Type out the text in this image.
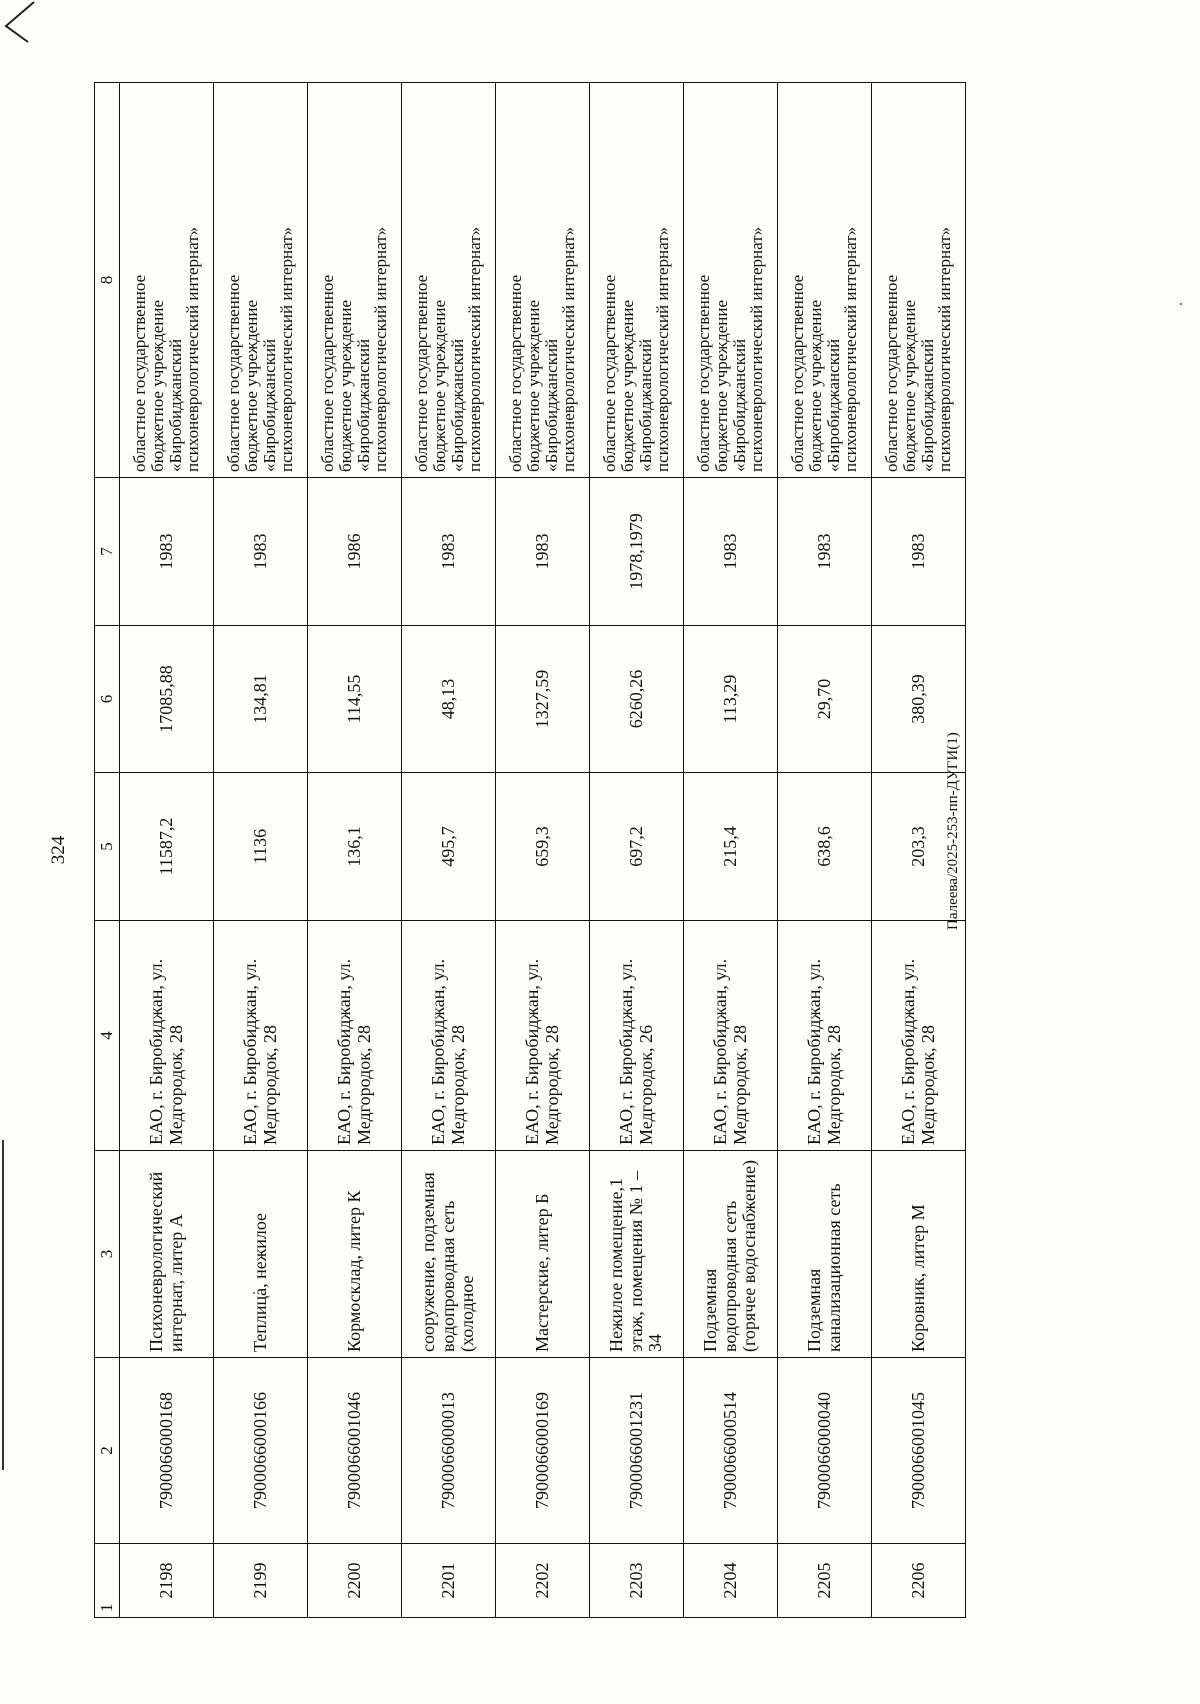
324
1	2	3	4	5	6	7	8
2198	7900066000168	Психоневрологический интернат, литер А	ЕАО, г. Биробиджан, ул. Медгородок, 28	11587,2	17085,88	1983	областное государственное
бюджетное учреждение
«Биробиджанский
психоневрологический интернат»

2199	7900066000166	Теплица, нежилое	ЕАО, г. Биробиджан, ул. Медгородок, 28	1136	134,81	1983	областное государственное
бюджетное учреждение
«Биробиджанский
психоневрологический интернат»

2200	7900066001046	Кормосклад, литер К	ЕАО, г. Биробиджан, ул. Медгородок, 28	136,1	114,55	1986	областное государственное
бюджетное учреждение
«Биробиджанский
психоневрологический интернат»

2201	7900066000013	сооружение, подземная водопроводная сеть (холодное	ЕАО, г. Биробиджан, ул. Медгородок, 28	495,7	48,13	1983	областное государственное
бюджетное учреждение
«Биробиджанский
психоневрологический интернат»

2202	7900066000169	Мастерские, литер Б	ЕАО, г. Биробиджан, ул. Медгородок, 28	659,3	1327,59	1983	областное государственное
бюджетное учреждение
«Биробиджанский
психоневрологический интернат»

2203	7900066001231	Нежилое помещение,1 этаж, помещения № 1 – 34	ЕАО, г. Биробиджан, ул. Медгородок, 26	697,2	6260,26	1978,1979	областное государственное
бюджетное учреждение
«Биробиджанский
психоневрологический интернат»

2204	7900066000514	Подземная водопроводная сеть (горячее водоснабжение)	ЕАО, г. Биробиджан, ул. Медгородок, 28	215,4	113,29	1983	областное государственное
бюджетное учреждение
«Биробиджанский
психоневрологический интернат»

2205	7900066000040	Подземная канализационная сеть	ЕАО, г. Биробиджан, ул. Медгородок, 28	638,6	29,70	1983	областное государственное
бюджетное учреждение
«Биробиджанский
психоневрологический интернат»

2206	7900066001045	Коровник, литер М	ЕАО, г. Биробиджан, ул. Медгородок, 28	203,3	380,39	1983	областное государственное
бюджетное учреждение
«Биробиджанский
психоневрологический интернат»
Палеева/2025-253-пп-ДУГИ(1)
